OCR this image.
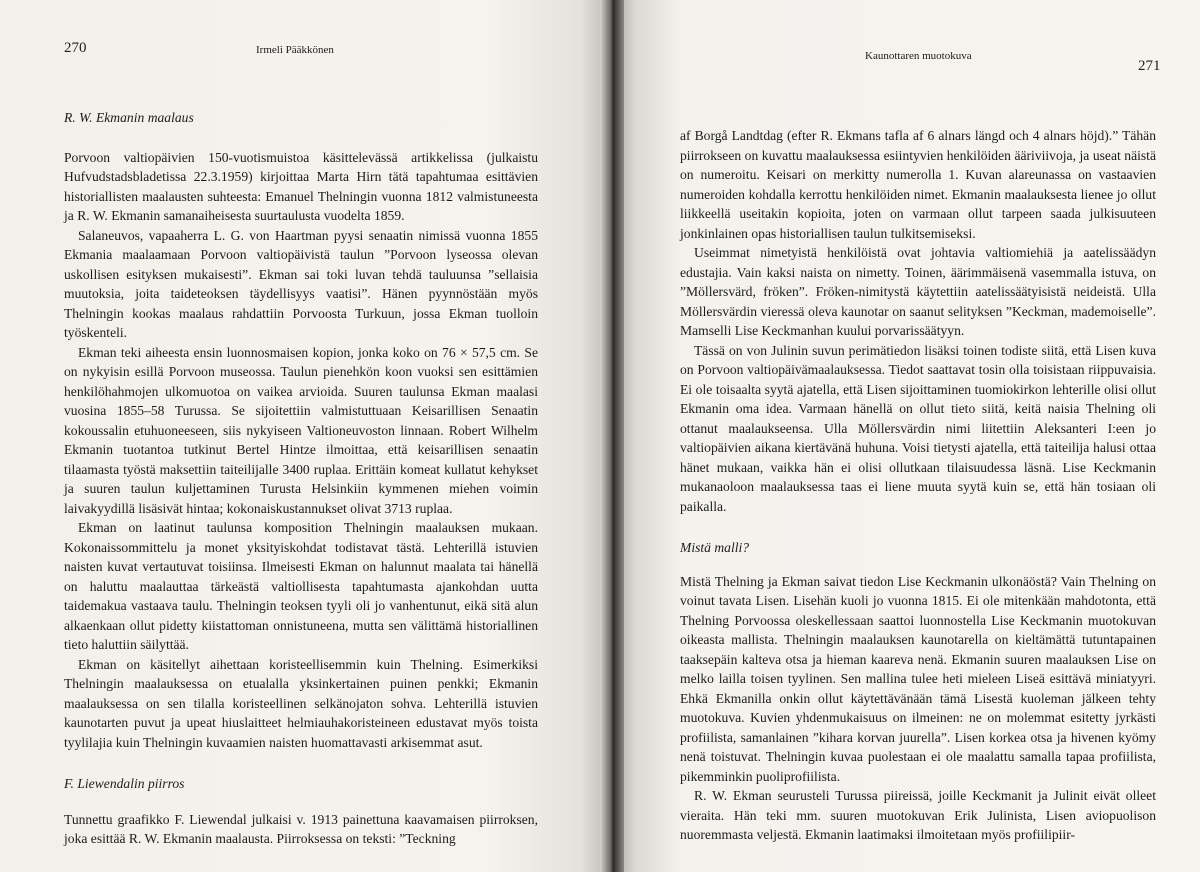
270	Irmeli Pääkkönen
R. W. Ekmanin maalaus

Porvoon valtiopäivien 150-vuotismuistoa käsittelevässä artikkelissa (julkaistu Hufvudstadsbladetissa 22.3.1959) kirjoittaa Marta Hirn tätä tapahtumaa esittävien historiallisten maalausten suhteesta: Emanuel Thelningin vuonna 1812 valmistuneesta ja R. W. Ekmanin samanaiheisesta suurtaulusta vuodelta 1859.

Salaneuvos, vapaaherra L. G. von Haartman pyysi senaatin nimissä vuonna 1855 Ekmania maalaamaan Porvoon valtiopäivistä taulun ”Porvoon lyseossa olevan uskollisen esityksen mukaisesti”. Ekman sai toki luvan tehdä tauluunsa ”sellaisia muutoksia, joita taideteoksen täydellisyys vaatisi”. Hänen pyynnöstään myös Thelningin kookas maalaus rahdattiin Porvoosta Turkuun, jossa Ekman tuolloin työskenteli.

Ekman teki aiheesta ensin luonnosmaisen kopion, jonka koko on 76 × 57,5 cm. Se on nykyisin esillä Porvoon museossa. Taulun pienehkön koon vuoksi sen esittämien henkilöhahmojen ulkomuotoa on vaikea arvioida. Suuren taulunsa Ekman maalasi vuosina 1855–58 Turussa. Se sijoitettiin valmistuttuaan Keisarillisen Senaatin kokoussalin etuhuoneeseen, siis nykyiseen Valtioneuvoston linnaan. Robert Wilhelm Ekmanin tuotantoa tutkinut Bertel Hintze ilmoittaa, että keisarillisen senaatin tilaamasta työstä maksettiin taiteilijalle 3400 ruplaa. Erittäin komeat kullatut kehykset ja suuren taulun kuljettaminen Turusta Helsinkiin kymmenen miehen voimin laivakyydillä lisäsivät hintaa; kokonaiskustannukset olivat 3713 ruplaa.

Ekman on laatinut taulunsa komposition Thelningin maalauksen mukaan. Kokonaissommittelu ja monet yksityiskohdat todistavat tästä. Lehterillä istuvien naisten kuvat vertautuvat toisiinsa. Ilmeisesti Ekman on halunnut maalata tai hänellä on haluttu maalauttaa tärkeästä valtiollisesta tapahtumasta ajankohdan uutta taidemakua vastaava taulu. Thelningin teoksen tyyli oli jo vanhentunut, eikä sitä alun alkaenkaan ollut pidetty kiistattoman onnistuneena, mutta sen välittämä historiallinen tieto haluttiin säilyttää.

Ekman on käsitellyt aihettaan koristeellisemmin kuin Thelning. Esimerkiksi Thelningin maalauksessa on etualalla yksinkertainen puinen penkki; Ekmanin maalauksessa on sen tilalla koristeellinen selkänojaton sohva. Lehterillä istuvien kaunotarten puvut ja upeat hiuslaitteet helmiauhakoristeineen edustavat myös toista tyylilajia kuin Thelningin kuvaamien naisten huomattavasti arkisemmat asut.

F. Liewendalin piirros

Tunnettu graafikko F. Liewendal julkaisi v. 1913 painettuna kaavamaisen piirroksen, joka esittää R. W. Ekmanin maalausta. Piirroksessa on teksti: ”Teckning

Kaunottaren muotokuva
271

af Borgå Landtdag (efter R. Ekmans tafla af 6 alnars längd och 4 alnars höjd).” Tähän piirrokseen on kuvattu maalauksessa esiintyvien henkilöiden ääriviivoja, ja useat näistä on numeroitu. Keisari on merkitty numerolla 1. Kuvan alareunassa on vastaavien numeroiden kohdalla kerrottu henkilöiden nimet. Ekmanin maalauksesta lienee jo ollut liikkeellä useitakin kopioita, joten on varmaan ollut tarpeen saada julkisuuteen jonkinlainen opas historiallisen taulun tulkitsemiseksi.

Useimmat nimetyistä henkilöistä ovat johtavia valtiomiehiä ja aatelissäädyn edustajia. Vain kaksi naista on nimetty. Toinen, äärimmäisenä vasemmalla istuva, on ”Möllersvärd, fröken”. Fröken-nimitystä käytettiin aatelissäätyisistä neideistä. Ulla Möllersvärdin vieressä oleva kaunotar on saanut selityksen ”Keckman, mademoiselle”. Mamselli Lise Keckmanhan kuului porvarissäätyyn.

Tässä on von Julinin suvun perimätiedon lisäksi toinen todiste siitä, että Lisen kuva on Porvoon valtiopäivämaalauksessa. Tiedot saattavat tosin olla toisistaan riippuvaisia. Ei ole toisaalta syytä ajatella, että Lisen sijoittaminen tuomiokirkon lehterille olisi ollut Ekmanin oma idea. Varmaan hänellä on ollut tieto siitä, keitä naisia Thelning oli ottanut maalaukseensa. Ulla Möllersvärdin nimi liitettiin Aleksanteri I:een jo valtiopäivien aikana kiertävänä huhuna. Voisi tietysti ajatella, että taiteilija halusi ottaa hänet mukaan, vaikka hän ei olisi ollutkaan tilaisuudessa läsnä. Lise Keckmanin mukanaoloon maalauksessa taas ei liene muuta syytä kuin se, että hän tosiaan oli paikalla.

Mistä malli?

Mistä Thelning ja Ekman saivat tiedon Lise Keckmanin ulkonäöstä? Vain Thelning on voinut tavata Lisen. Lisehän kuoli jo vuonna 1815. Ei ole mitenkään mahdotonta, että Thelning Porvoossa oleskellessaan saattoi luonnostella Lise Keckmanin muotokuvan oikeasta mallista. Thelningin maalauksen kaunotarella on kieltämättä tutuntapainen taaksepäin kalteva otsa ja hieman kaareva nenä. Ekmanin suuren maalauksen Lise on melko lailla toisen tyylinen. Sen mallina tulee heti mieleen Liseä esittävä miniatyyri. Ehkä Ekmanilla onkin ollut käytettävänään tämä Lisestä kuoleman jälkeen tehty muotokuva. Kuvien yhdenmukaisuus on ilmeinen: ne on molemmat esitetty jyrkästi profiilista, samanlainen ”kihara korvan juurella”. Lisen korkea otsa ja hivenen kyömy nenä toistuvat. Thelningin kuvaa puolestaan ei ole maalattu samalla tapaa profiilista, pikemminkin puoliprofiilista.

R. W. Ekman seurusteli Turussa piireissä, joille Keckmanit ja Julinit eivät olleet vieraita. Hän teki mm. suuren muotokuvan Erik Julinista, Lisen aviopuolison nuoremmasta veljestä. Ekmanin laatimaksi ilmoitetaan myös profiilipiir-
